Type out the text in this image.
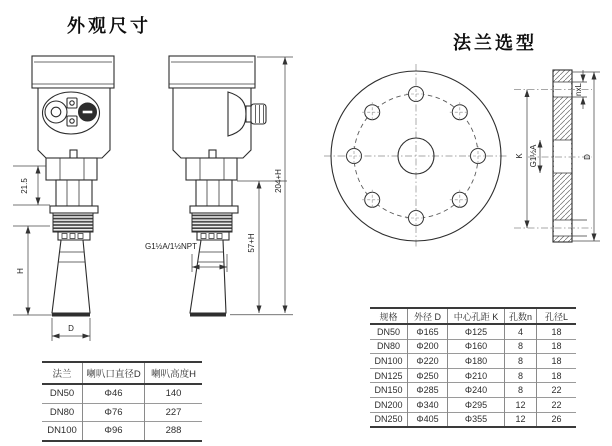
外观尺寸
法兰选型
21.5
H
D
G1½A/1½NPT	57+H
204+H
K G1½A
nxL
D
法兰	喇叭口直径D	喇叭高度H
DN50	Φ46	140
DN80	Φ76	227
DN100	Φ96	288
规格	外径 D	中心孔距 K	孔数n	孔径L
DN50	Φ165	Φ125	4	18
DN80	Φ200	Φ160	8	18
DN100	Φ220	Φ180	8	18
DN125	Φ250	Φ210	8	18
DN150	Φ285	Φ240	8	22
DN200	Φ340	Φ295	12	22
DN250	Φ405	Φ355	12	26
